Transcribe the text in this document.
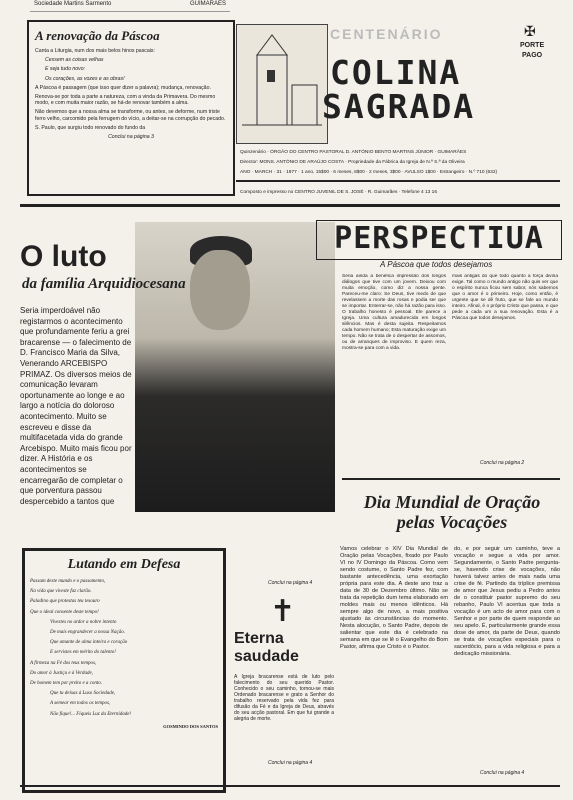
Sociedade Martins Sarmento	GUIMARÃES
A renovação da Páscoa

Canta a Liturgia, num dos mais belos hinos pascais:

Cessem as coisas velhas

E seja tudo novo:

Os corações, as vozes e as obras!

A Páscoa é passagem (que isso quer dizer a palavra); mudança, renovação.

Renova-se por toda a parte a natureza, com a vinda da Primavera. Do mesmo modo, e com muita maior razão, se há-de renovar também a alma.

Não devemos que a nossa alma se transforme, ou antes, se deforme, num triste ferro velho, carcomido pela ferrugem do vício, a deitar-se na corrupção do pecado.

S. Paulo, que surgiu todo renovado do fundo da

Conclui na página 3

CENTENÁRIO	✠
PORTE
PAGO
COLINA
SAGRADA
Quinzenário · ÓRGÃO DO CENTRO PASTORAL D. ANTÓNIO BENTO MARTINS JÚNIOR · GUIMARÃES
Director: MONS. ANTÓNIO DE ARAÚJO COSTA · Propriedade da Fábrica da Igreja de N.ª S.ª da Oliveira
ANO · MARCH · 31 · 1977 · 1 ano, 15$00 · 6 meses, 8$00 · 2 meses, 3$00 · AVULSO 1$00 · Estrangeiro · N.º 710 (632)
Composto e impresso no CENTRO JUVENIL DE S. JOSÉ · R. Guimarães · Telefone 4 13 16
O luto
da família Arquidiocesana
Seria imperdoável não registarmos o acontecimento que profundamente feriu a grei bracarense — o falecimento de D. Francisco Maria da Silva, Venerando ARCEBISPO PRIMAZ. Os diversos meios de comunicação levaram oportunamente ao longe e ao largo a notícia do doloroso acontecimento. Muito se escreveu e disse da multifacetada vida do grande Arcebispo. Muito mais ficou por dizer. A História e os acontecimentos se encarregarão de completar o que porventura passou despercebido a tantos que
PERSPECTIUA
A Páscoa que todos desejamos
Seria ainda a benéfica impressão dos longos diálogos que tive com um jovem. Deixou com muita emoção, como diz a nossa gente. Pareceu-me claro: Se Deus, tive medo de que revelassem a morte das rosas e podia ser que se importar. Enterrar-se, não há razão para isso. O trabalho honesto é pessoal. Ele parece a Igreja. Uma cultura amadurecida em longos silêncios. Mas é desta sujeita. Respeitamos cada homem humano; Esta maturação exige um tempo. Não se trata de o despertar de assomos, ou de arranques de improviso. E quem reza, mostra-se para com a vida.
mais antigas do que todo quanto a força divina exige. Tal como o mundo antigo não quis ver que o espírito nunca ficou sem sabor, nós sabemos que o amor é o primeiro. Hoje, como então, é urgente que se dê fruto, que se fale ao mundo inteiro. Afinal, é o próprio Cristo que passa, e que pede a cada um a sua renovação. Esta é a Páscoa que todos desejamos.
Conclui na página 2
Dia Mundial de Oração
pelas Vocações
Vamos celebrar o XIV Dia Mundial de Oração pelas Vocações, fixado por Paulo VI no IV Domingo da Páscoa. Como vem sendo costume, o Santo Padre fez, com bastante antecedência, uma exortação própria para este dia. A deste ano traz a data de 30 de Dezembro último. Não se trata da repetição dum tema elaborado em moldes mais ou menos idênticos. Há sempre algo de novo, a mais positiva ajustado às circunstâncias do momento. Nesta alocução, o Santo Padre, depois de salientar que este dia é celebrado na semana em que se lê o Evangelho do Bom Pastor, afirma que Cristo é o Pastor.
do, e por seguir um caminho, teve a vocação e segue a vida por amor. Segundamente, o Santo Padre pergunta-se, havendo crise de vocações, não haverá talvez antes de mais nada uma crise de fé. Partindo da tríplice premissa de amor que Jesus pediu a Pedro antes de o constituir pastor supremo do seu rebanho, Paulo VI acentua que toda a vocação é um acto de amor para com o Senhor e por parte de quem responde ao seu apelo. É, particularmente grande essa dose de amor, da parte de Deus, quando se trata de vocações especiais para o sacerdócio, para a vida religiosa e para a dedicação missionária.
Conclui na página 4
Lutando em Defesa

Passam deste mundo e o passamento,

Na vida que viveste faz clarão.

Paladino que protestas teu tesouro

Que o ideal consente deste tempo!

Vivestes no ardor a nobre intento

De mais engrandecer a nossa Nação.

Que amante de alma inteira e coração

E servistes em mérito do talento!

A firmeza na Fé dos teus tempos,

Do amor à Justiça e à Verdade,

De homem tem por preito e a conto.

Que tu deixas à Luso Sociedade,

A semear em todos os tempos,

Não fique!... Fiqueis Luz da Eternidade!

GOSMINDO DOS SANTOS

✝
Eterna
saudade
A Igreja bracarense está de luto pelo falecimento do seu querido Pastor. Conhecido o seu caminho, tornou-se mais Ordenado bracarense e grato a Senhor do trabalho reservado pela vida fez para difusão da Fé e da Igreja de Deus, através do seu acção pastoral. Em que fui grande a alegria de morte.
Conclui na página 4
Conclui na página 4
